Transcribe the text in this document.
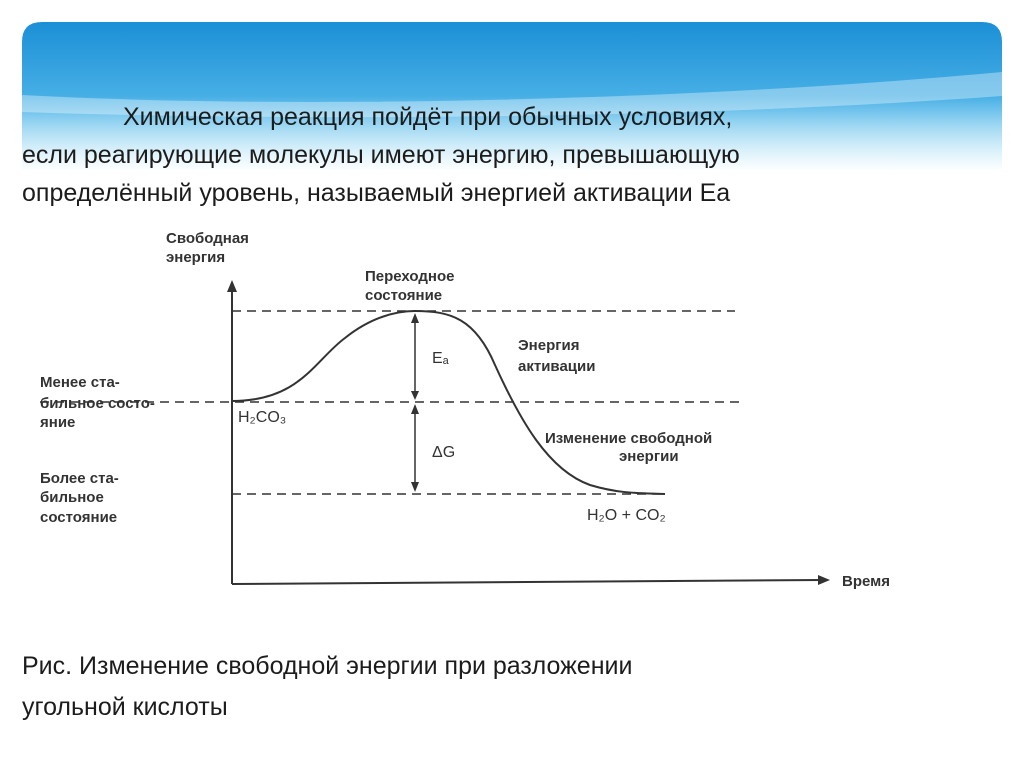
Химическая реакция пойдёт при обычных условиях,
если реагирующие молекулы имеют энергию, превышающую
определённый уровень, называемый энергией активации Ea
Свободная
энергия
Переходное
состояние
Менее ста-
бильное состо-
яние
Более ста-
бильное
состояние
H₂CO₃
H₂O + CO₂
Eₐ
Энергия
активации
ΔG
Изменение свободной
энергии
Время
Рис. Изменение свободной энергии при разложении
угольной кислоты
